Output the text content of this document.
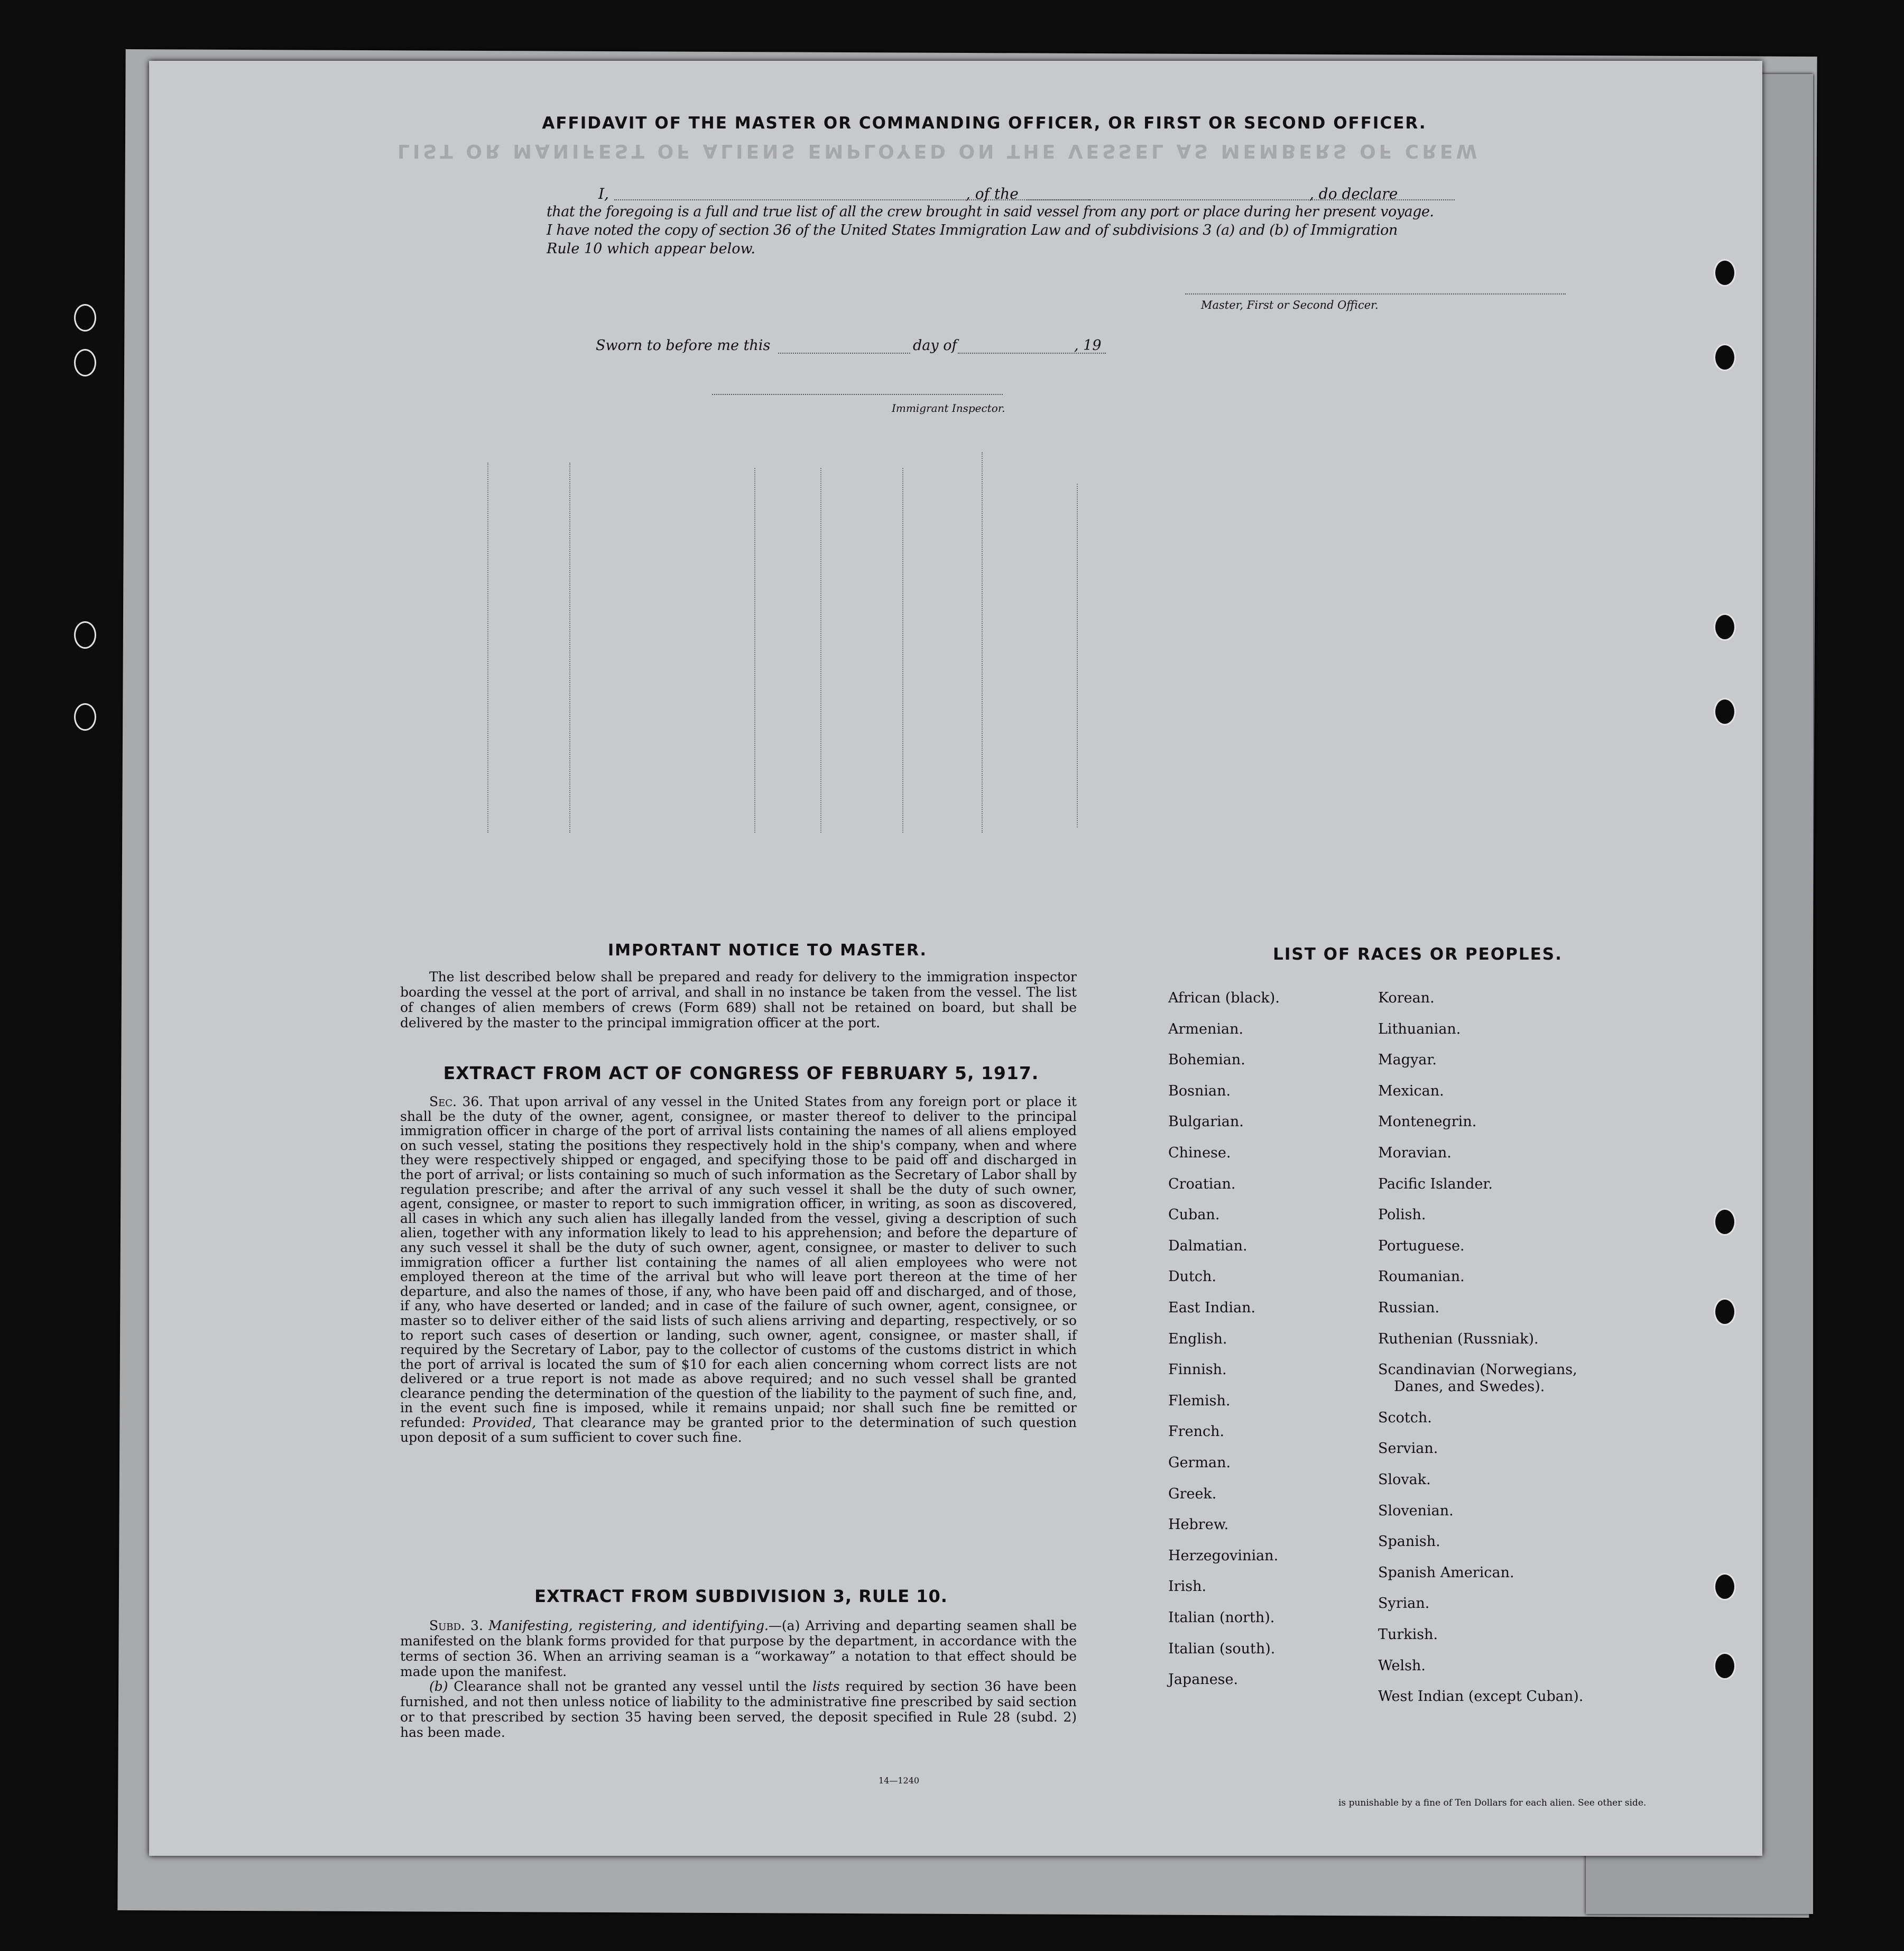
LIST OR MANIFEST OF ALIENS EMPLOYED ON THE VESSEL AS MEMBERS OF CREW
AFFIDAVIT OF THE MASTER OR COMMANDING OFFICER, OR FIRST OR SECOND OFFICER.
I,	, of the	, do declare
that the foregoing is a full and true list of all the crew brought in said vessel from any port or place during her present voyage.
I have noted the copy of section 36 of the United States Immigration Law and of subdivisions 3 (a) and (b) of Immigration
Rule 10 which appear below.
Master, First or Second Officer.
Sworn to before me this	day of	, 19
Immigrant Inspector.
IMPORTANT NOTICE TO MASTER.
The list described below shall be prepared and ready for delivery to the immigration inspector boarding the vessel at the port of arrival, and shall in no instance be taken from the vessel. The list of changes of alien members of crews (Form 689) shall not be retained on board, but shall be delivered by the master to the principal immigration officer at the port.
EXTRACT FROM ACT OF CONGRESS OF FEBRUARY 5, 1917.
Sec. 36. That upon arrival of any vessel in the United States from any foreign port or place it shall be the duty of the owner, agent, consignee, or master thereof to deliver to the principal immigration officer in charge of the port of arrival lists containing the names of all aliens employed on such vessel, stating the positions they respectively hold in the ship's company, when and where they were respectively shipped or engaged, and specifying those to be paid off and discharged in the port of arrival; or lists containing so much of such information as the Secretary of Labor shall by regulation prescribe; and after the arrival of any such vessel it shall be the duty of such owner, agent, consignee, or master to report to such immigration officer, in writing, as soon as discovered, all cases in which any such alien has illegally landed from the vessel, giving a description of such alien, together with any information likely to lead to his apprehension; and before the departure of any such vessel it shall be the duty of such owner, agent, consignee, or master to deliver to such immigration officer a further list containing the names of all alien employees who were not employed thereon at the time of the arrival but who will leave port thereon at the time of her departure, and also the names of those, if any, who have been paid off and discharged, and of those, if any, who have deserted or landed; and in case of the failure of such owner, agent, consignee, or master so to deliver either of the said lists of such aliens arriving and departing, respectively, or so to report such cases of desertion or landing, such owner, agent, consignee, or master shall, if required by the Secretary of Labor, pay to the collector of customs of the customs district in which the port of arrival is located the sum of $10 for each alien concerning whom correct lists are not delivered or a true report is not made as above required; and no such vessel shall be granted clearance pending the determination of the question of the liability to the payment of such fine, and, in the event such fine is imposed, while it remains unpaid; nor shall such fine be remitted or refunded: Provided, That clearance may be granted prior to the determination of such question upon deposit of a sum sufficient to cover such fine.
EXTRACT FROM SUBDIVISION 3, RULE 10.
Subd. 3. Manifesting, registering, and identifying.—(a) Arriving and departing seamen shall be manifested on the blank forms provided for that purpose by the department, in accordance with the terms of section 36. When an arriving seaman is a “workaway” a notation to that effect should be made upon the manifest.
(b) Clearance shall not be granted any vessel until the lists required by section 36 have been furnished, and not then unless notice of liability to the administrative fine prescribed by said section or to that prescribed by section 35 having been served, the deposit specified in Rule 28 (subd. 2) has been made.
14—1240
LIST OF RACES OR PEOPLES.
African (black).
Armenian.
Bohemian.
Bosnian.
Bulgarian.
Chinese.
Croatian.
Cuban.
Dalmatian.
Dutch.
East Indian.
English.
Finnish.
Flemish.
French.
German.
Greek.
Hebrew.
Herzegovinian.
Irish.
Italian (north).
Italian (south).
Japanese.
Korean.
Lithuanian.
Magyar.
Mexican.
Montenegrin.
Moravian.
Pacific Islander.
Polish.
Portuguese.
Roumanian.
Russian.
Ruthenian (Russniak).
Scandinavian (Norwegians,
Danes, and Swedes).
Scotch.
Servian.
Slovak.
Slovenian.
Spanish.
Spanish American.
Syrian.
Turkish.
Welsh.
West Indian (except Cuban).
is punishable by a fine of Ten Dollars for each alien. See other side.
